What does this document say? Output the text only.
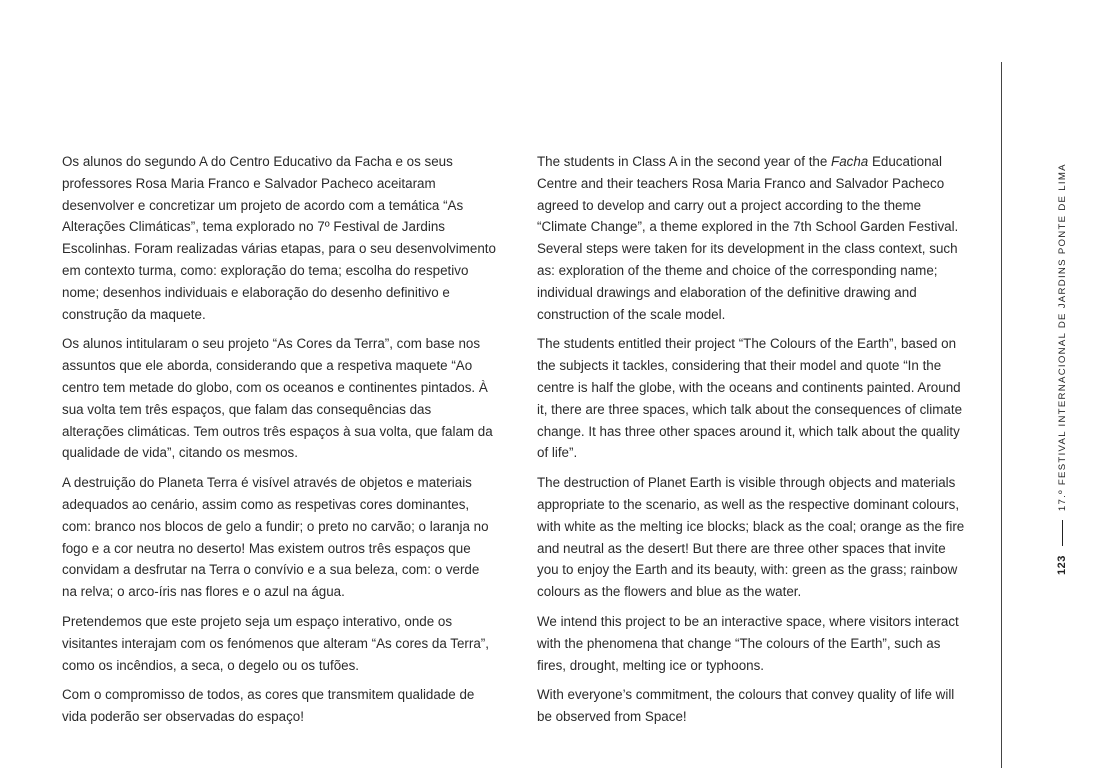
Os alunos do segundo A do Centro Educativo da Facha e os seus professores Rosa Maria Franco e Salvador Pacheco aceitaram desenvolver e concretizar um projeto de acordo com a temática “As Alterações Climáticas”, tema explorado no 7º Festival de Jardins Escolinhas. Foram realizadas várias etapas, para o seu desenvolvimento em contexto turma, como: exploração do tema; escolha do respetivo nome; desenhos individuais e elaboração do desenho definitivo e construção da maquete.

Os alunos intitularam o seu projeto “As Cores da Terra”, com base nos assuntos que ele aborda, considerando que a respetiva maquete “Ao centro tem metade do globo, com os oceanos e continentes pintados. À sua volta tem três espaços, que falam das consequências das alterações climáticas. Tem outros três espaços à sua volta, que falam da qualidade de vida”, citando os mesmos.

A destruição do Planeta Terra é visível através de objetos e materiais adequados ao cenário, assim como as respetivas cores dominantes, com: branco nos blocos de gelo a fundir; o preto no carvão; o laranja no fogo e a cor neutra no deserto! Mas existem outros três espaços que convidam a desfrutar na Terra o convívio e a sua beleza, com: o verde na relva; o arco-íris nas flores e o azul na água.

Pretendemos que este projeto seja um espaço interativo, onde os visitantes interajam com os fenómenos que alteram “As cores da Terra”, como os incêndios, a seca, o degelo ou os tufões.

Com o compromisso de todos, as cores que transmitem qualidade de vida poderão ser observadas do espaço!

The students in Class A in the second year of the Facha Educational Centre and their teachers Rosa Maria Franco and Salvador Pacheco agreed to develop and carry out a project according to the theme “Climate Change”, a theme explored in the 7th School Garden Festival. Several steps were taken for its development in the class context, such as: exploration of the theme and choice of the corresponding name; individual drawings and elaboration of the definitive drawing and construction of the scale model.

The students entitled their project “The Colours of the Earth”, based on the subjects it tackles, considering that their model and quote “In the centre is half the globe, with the oceans and continents painted. Around it, there are three spaces, which talk about the consequences of climate change. It has three other spaces around it, which talk about the quality of life”.

The destruction of Planet Earth is visible through objects and materials appropriate to the scenario, as well as the respective dominant colours, with white as the melting ice blocks; black as the coal; orange as the fire and neutral as the desert! But there are three other spaces that invite you to enjoy the Earth and its beauty, with: green as the grass; rainbow colours as the flowers and blue as the water.

We intend this project to be an interactive space, where visitors interact with the phenomena that change “The colours of the Earth”, such as fires, drought, melting ice or typhoons.

With everyone’s commitment, the colours that convey quality of life will be observed from Space!

123
17.º FESTIVAL INTERNACIONAL DE JARDINS PONTE DE LIMA
